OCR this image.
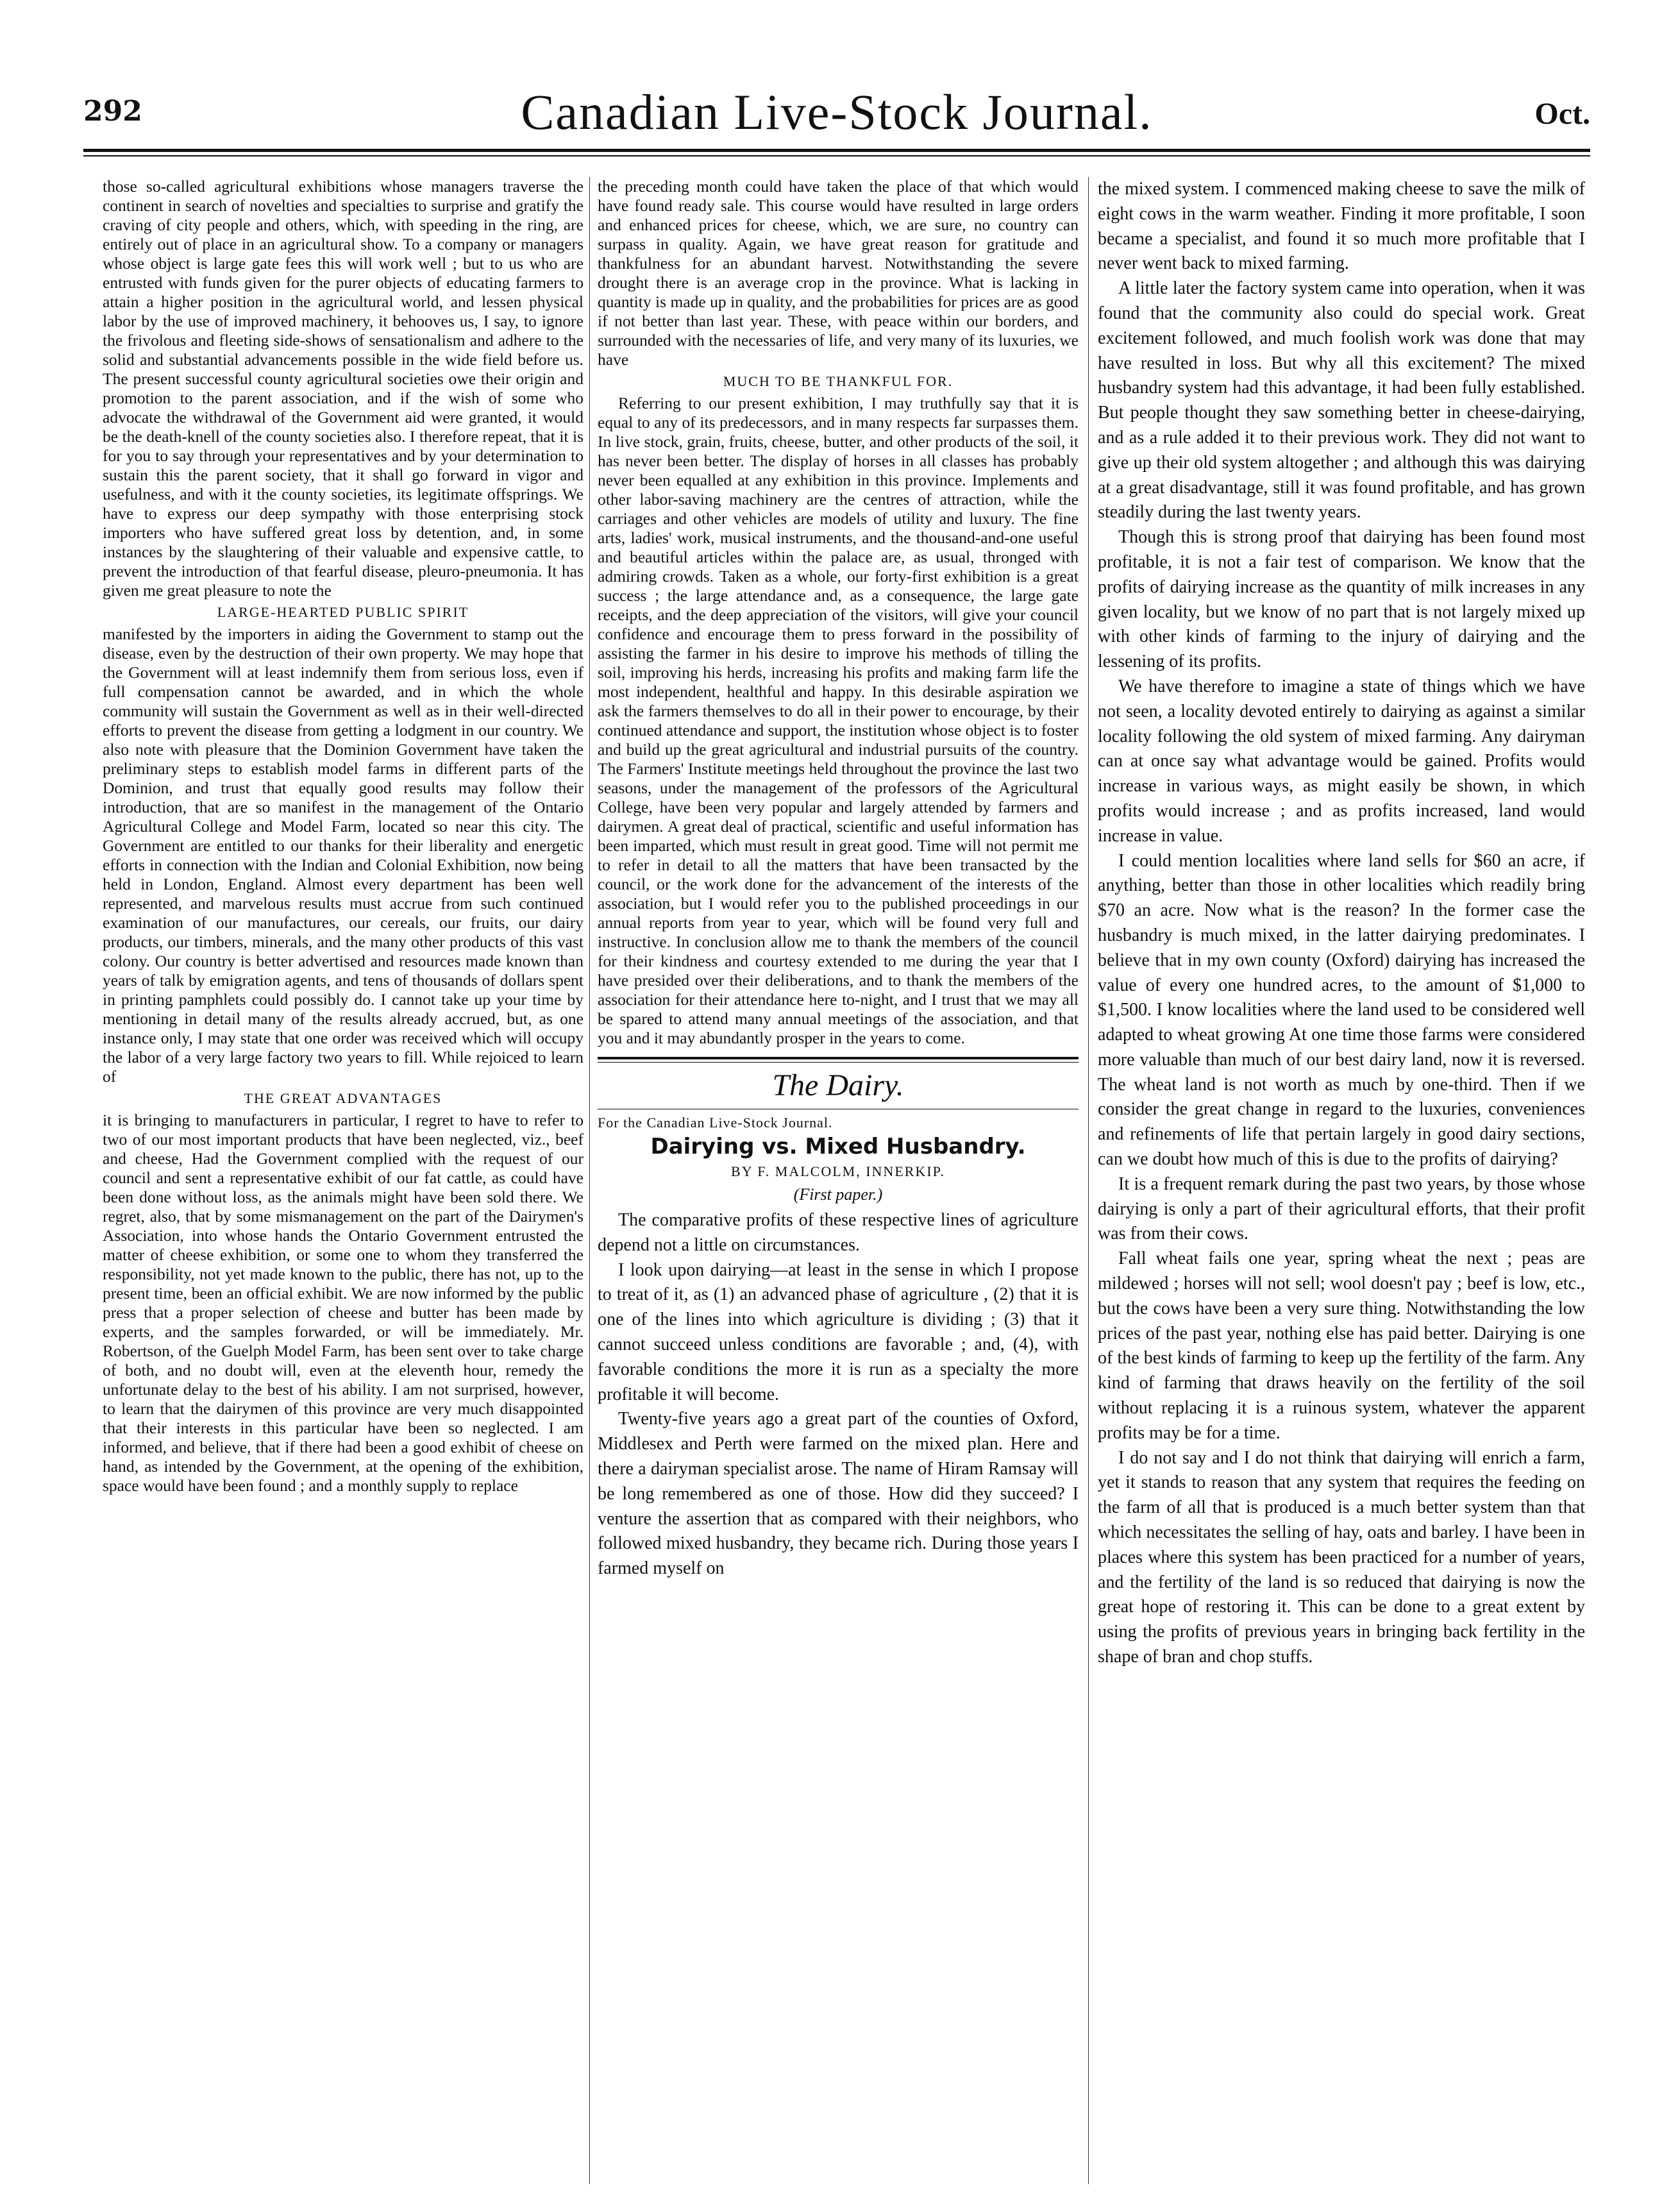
292	Canadian Live-Stock Journal.	Oct.

those so-called agricultural exhibitions whose managers traverse the continent in search of novelties and specialties to surprise and gratify the craving of city people and others, which, with speeding in the ring, are entirely out of place in an agricultural show. To a company or managers whose object is large gate fees this will work well ; but to us who are entrusted with funds given for the purer objects of educating farmers to attain a higher position in the agricultural world, and lessen physical labor by the use of improved machinery, it behooves us, I say, to ignore the frivolous and fleeting side-shows of sensationalism and adhere to the solid and substantial advancements possible in the wide field before us. The present successful county agricultural societies owe their origin and promotion to the parent association, and if the wish of some who advocate the withdrawal of the Government aid were granted, it would be the death-knell of the county societies also. I therefore repeat, that it is for you to say through your representatives and by your determination to sustain this the parent society, that it shall go forward in vigor and usefulness, and with it the county societies, its legitimate offsprings. We have to express our deep sympathy with those enterprising stock importers who have suffered great loss by detention, and, in some instances by the slaughtering of their valuable and expensive cattle, to prevent the introduction of that fearful disease, pleuro-pneumonia. It has given me great pleasure to note the

LARGE-HEARTED PUBLIC SPIRIT

manifested by the importers in aiding the Government to stamp out the disease, even by the destruction of their own property. We may hope that the Government will at least indemnify them from serious loss, even if full compensation cannot be awarded, and in which the whole community will sustain the Government as well as in their well-directed efforts to prevent the disease from getting a lodgment in our country. We also note with pleasure that the Dominion Government have taken the preliminary steps to establish model farms in different parts of the Dominion, and trust that equally good results may follow their introduction, that are so manifest in the management of the Ontario Agricultural College and Model Farm, located so near this city. The Government are entitled to our thanks for their liberality and energetic efforts in connection with the Indian and Colonial Exhibition, now being held in London, England. Almost every department has been well represented, and marvelous results must accrue from such continued examination of our manufactures, our cereals, our fruits, our dairy products, our timbers, minerals, and the many other products of this vast colony. Our country is better advertised and resources made known than years of talk by emigration agents, and tens of thousands of dollars spent in printing pamphlets could possibly do. I cannot take up your time by mentioning in detail many of the results already accrued, but, as one instance only, I may state that one order was received which will occupy the labor of a very large factory two years to fill. While rejoiced to learn of

THE GREAT ADVANTAGES

it is bringing to manufacturers in particular, I regret to have to refer to two of our most important products that have been neglected, viz., beef and cheese, Had the Government complied with the request of our council and sent a representative exhibit of our fat cattle, as could have been done without loss, as the animals might have been sold there. We regret, also, that by some mismanagement on the part of the Dairymen's Association, into whose hands the Ontario Government entrusted the matter of cheese exhibition, or some one to whom they transferred the responsibility, not yet made known to the public, there has not, up to the present time, been an official exhibit. We are now informed by the public press that a proper selection of cheese and butter has been made by experts, and the samples forwarded, or will be immediately. Mr. Robertson, of the Guelph Model Farm, has been sent over to take charge of both, and no doubt will, even at the eleventh hour, remedy the unfortunate delay to the best of his ability. I am not surprised, however, to learn that the dairymen of this province are very much disappointed that their interests in this particular have been so neglected. I am informed, and believe, that if there had been a good exhibit of cheese on hand, as intended by the Government, at the opening of the exhibition, space would have been found ; and a monthly supply to replace

the preceding month could have taken the place of that which would have found ready sale. This course would have resulted in large orders and enhanced prices for cheese, which, we are sure, no country can surpass in quality. Again, we have great reason for gratitude and thankfulness for an abundant harvest. Notwithstanding the severe drought there is an average crop in the province. What is lacking in quantity is made up in quality, and the probabilities for prices are as good if not better than last year. These, with peace within our borders, and surrounded with the necessaries of life, and very many of its luxuries, we have

MUCH TO BE THANKFUL FOR.

Referring to our present exhibition, I may truthfully say that it is equal to any of its predecessors, and in many respects far surpasses them. In live stock, grain, fruits, cheese, butter, and other products of the soil, it has never been better. The display of horses in all classes has probably never been equalled at any exhibition in this province. Implements and other labor-saving machinery are the centres of attraction, while the carriages and other vehicles are models of utility and luxury. The fine arts, ladies' work, musical instruments, and the thousand-and-one useful and beautiful articles within the palace are, as usual, thronged with admiring crowds. Taken as a whole, our forty-first exhibition is a great success ; the large attendance and, as a consequence, the large gate receipts, and the deep appreciation of the visitors, will give your council confidence and encourage them to press forward in the possibility of assisting the farmer in his desire to improve his methods of tilling the soil, improving his herds, increasing his profits and making farm life the most independent, healthful and happy. In this desirable aspiration we ask the farmers themselves to do all in their power to encourage, by their continued attendance and support, the institution whose object is to foster and build up the great agricultural and industrial pursuits of the country. The Farmers' Institute meetings held throughout the province the last two seasons, under the management of the professors of the Agricultural College, have been very popular and largely attended by farmers and dairymen. A great deal of practical, scientific and useful information has been imparted, which must result in great good. Time will not permit me to refer in detail to all the matters that have been transacted by the council, or the work done for the advancement of the interests of the association, but I would refer you to the published proceedings in our annual reports from year to year, which will be found very full and instructive. In conclusion allow me to thank the members of the council for their kindness and courtesy extended to me during the year that I have presided over their deliberations, and to thank the members of the association for their attendance here to-night, and I trust that we may all be spared to attend many annual meetings of the association, and that you and it may abundantly prosper in the years to come.

The Dairy.
For the Canadian Live-Stock Journal.
Dairying vs. Mixed Husbandry.
BY F. MALCOLM, INNERKIP.
(First paper.)

The comparative profits of these respective lines of agriculture depend not a little on circumstances.

I look upon dairying—at least in the sense in which I propose to treat of it, as (1) an advanced phase of agriculture , (2) that it is one of the lines into which agriculture is dividing ; (3) that it cannot succeed unless conditions are favorable ; and, (4), with favorable conditions the more it is run as a specialty the more profitable it will become.

Twenty-five years ago a great part of the counties of Oxford, Middlesex and Perth were farmed on the mixed plan. Here and there a dairyman specialist arose. The name of Hiram Ramsay will be long remembered as one of those. How did they succeed? I venture the assertion that as compared with their neighbors, who followed mixed husbandry, they became rich. During those years I farmed myself on

the mixed system. I commenced making cheese to save the milk of eight cows in the warm weather. Finding it more profitable, I soon became a specialist, and found it so much more profitable that I never went back to mixed farming.

A little later the factory system came into operation, when it was found that the community also could do special work. Great excitement followed, and much foolish work was done that may have resulted in loss. But why all this excitement? The mixed husbandry system had this advantage, it had been fully established. But people thought they saw something better in cheese-dairying, and as a rule added it to their previous work. They did not want to give up their old system altogether ; and although this was dairying at a great disadvantage, still it was found profitable, and has grown steadily during the last twenty years.

Though this is strong proof that dairying has been found most profitable, it is not a fair test of comparison. We know that the profits of dairying increase as the quantity of milk increases in any given locality, but we know of no part that is not largely mixed up with other kinds of farming to the injury of dairying and the lessening of its profits.

We have therefore to imagine a state of things which we have not seen, a locality devoted entirely to dairying as against a similar locality following the old system of mixed farming. Any dairyman can at once say what advantage would be gained. Profits would increase in various ways, as might easily be shown, in which profits would increase ; and as profits increased, land would increase in value.

I could mention localities where land sells for $60 an acre, if anything, better than those in other localities which readily bring $70 an acre. Now what is the reason? In the former case the husbandry is much mixed, in the latter dairying predominates. I believe that in my own county (Oxford) dairying has increased the value of every one hundred acres, to the amount of $1,000 to $1,500. I know localities where the land used to be considered well adapted to wheat growing At one time those farms were considered more valuable than much of our best dairy land, now it is reversed. The wheat land is not worth as much by one-third. Then if we consider the great change in regard to the luxuries, conveniences and refinements of life that pertain largely in good dairy sections, can we doubt how much of this is due to the profits of dairying?

It is a frequent remark during the past two years, by those whose dairying is only a part of their agricultural efforts, that their profit was from their cows.

Fall wheat fails one year, spring wheat the next ; peas are mildewed ; horses will not sell; wool doesn't pay ; beef is low, etc., but the cows have been a very sure thing. Notwithstanding the low prices of the past year, nothing else has paid better. Dairying is one of the best kinds of farming to keep up the fertility of the farm. Any kind of farming that draws heavily on the fertility of the soil without replacing it is a ruinous system, whatever the apparent profits may be for a time.

I do not say and I do not think that dairying will enrich a farm, yet it stands to reason that any system that requires the feeding on the farm of all that is produced is a much better system than that which necessitates the selling of hay, oats and barley. I have been in places where this system has been practiced for a number of years, and the fertility of the land is so reduced that dairying is now the great hope of restoring it. This can be done to a great extent by using the profits of previous years in bringing back fertility in the shape of bran and chop stuffs.
